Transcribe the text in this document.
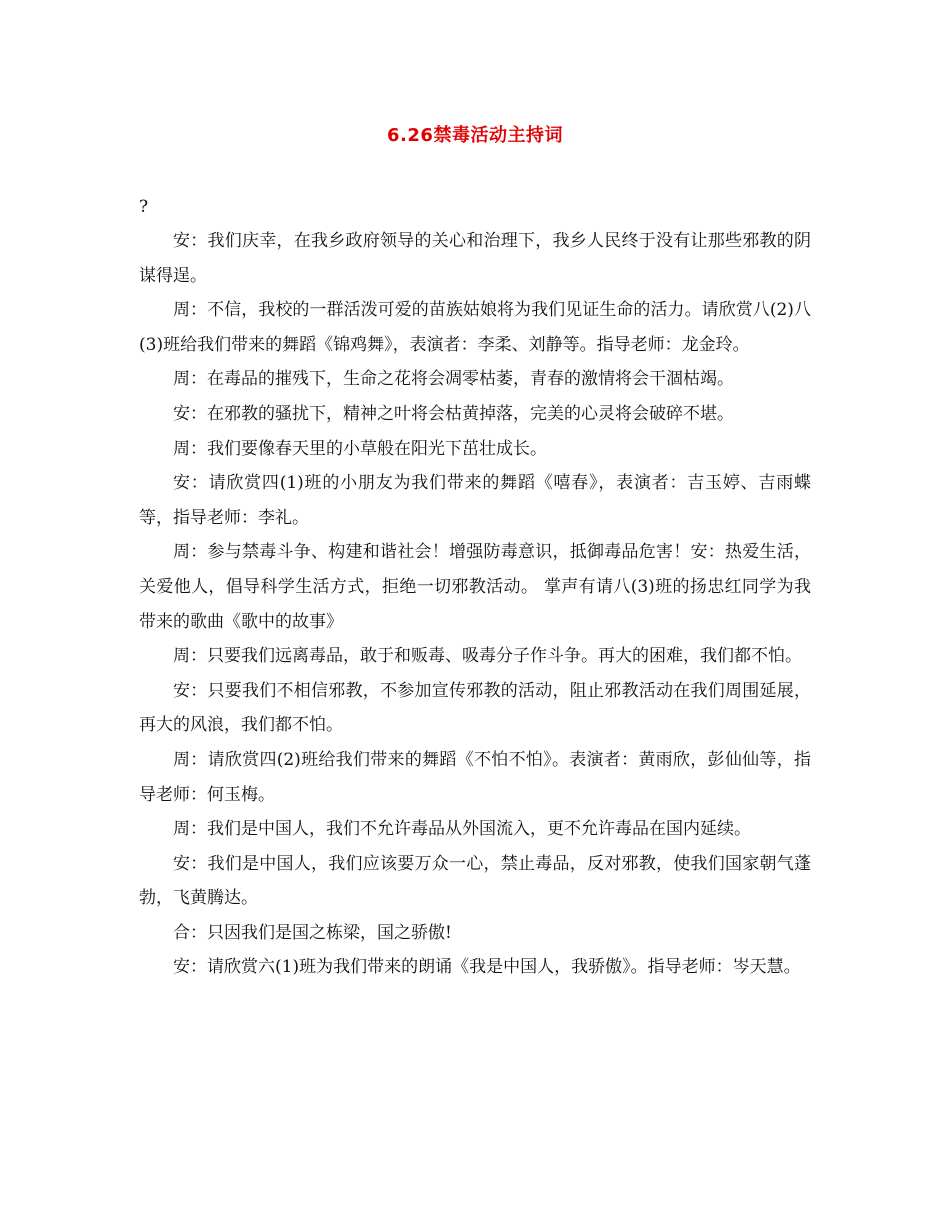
6.26禁毒活动主持词
?

安：我们庆幸，在我乡政府领导的关心和治理下，我乡人民终于没有让那些邪教的阴谋得逞。

周：不信，我校的一群活泼可爱的苗族姑娘将为我们见证生命的活力。请欣赏八(2)八(3)班给我们带来的舞蹈《锦鸡舞》，表演者：李柔、刘静等。指导老师：龙金玲。

周：在毒品的摧残下，生命之花将会凋零枯萎，青春的激情将会干涸枯竭。

安：在邪教的骚扰下，精神之叶将会枯黄掉落，完美的心灵将会破碎不堪。

周：我们要像春天里的小草般在阳光下茁壮成长。

安：请欣赏四(1)班的小朋友为我们带来的舞蹈《嘻春》，表演者：吉玉婷、吉雨蝶等，指导老师：李礼。

周：参与禁毒斗争、构建和谐社会！增强防毒意识，抵御毒品危害！安：热爱生活，关爱他人，倡导科学生活方式，拒绝一切邪教活动。 掌声有请八(3)班的扬忠红同学为我带来的歌曲《歌中的故事》

周：只要我们远离毒品，敢于和贩毒、吸毒分子作斗争。再大的困难，我们都不怕。

安：只要我们不相信邪教，不参加宣传邪教的活动，阻止邪教活动在我们周围延展，再大的风浪，我们都不怕。

周：请欣赏四(2)班给我们带来的舞蹈《不怕不怕》。表演者：黄雨欣，彭仙仙等，指导老师：何玉梅。

周：我们是中国人，我们不允许毒品从外国流入，更不允许毒品在国内延续。

安：我们是中国人，我们应该要万众一心，禁止毒品，反对邪教，使我们国家朝气蓬勃，飞黄腾达。

合：只因我们是国之栋梁，国之骄傲!

安：请欣赏六(1)班为我们带来的朗诵《我是中国人，我骄傲》。指导老师：岑天慧。
